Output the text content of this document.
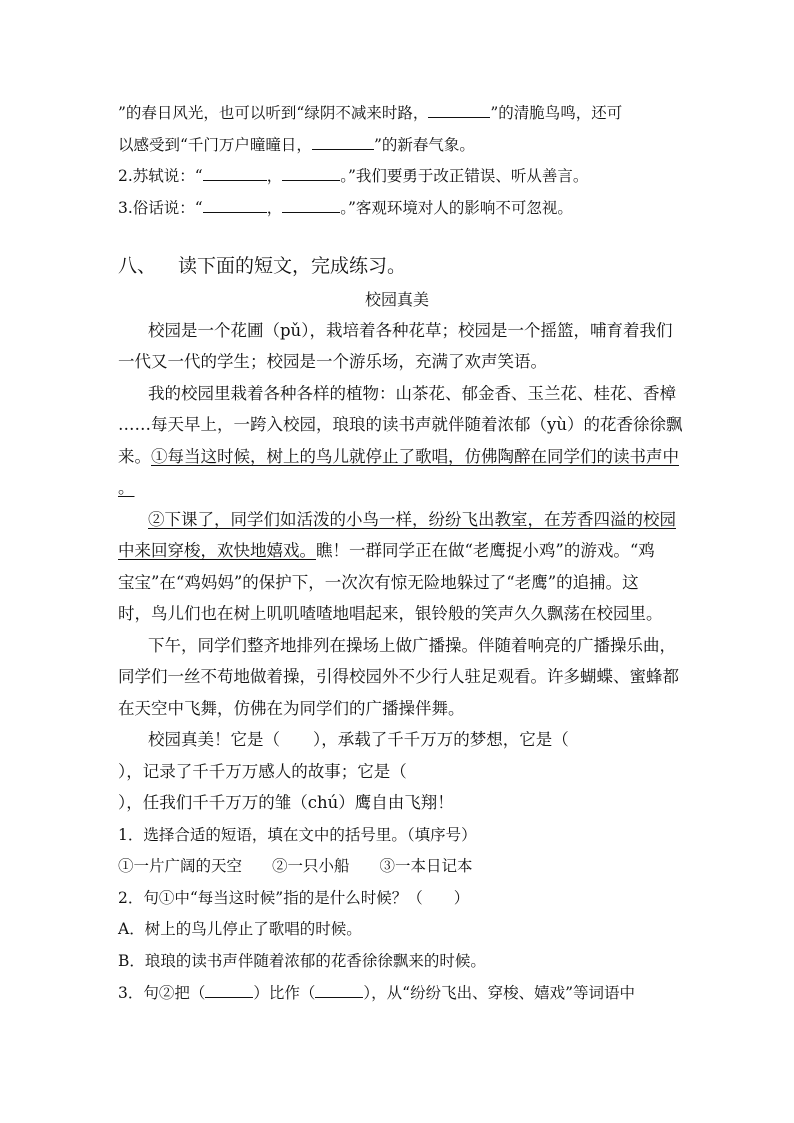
”的春日风光，也可以听到“绿阴不减来时路，	”的清脆鸟鸣，还可
以感受到“千门万户曈曈日，	”的新春气象。
2.苏轼说：“	，	。”我们要勇于改正错误、听从善言。
3.俗话说：“	，	。”客观环境对人的影响不可忽视。
八、 读下面的短文，完成练习。
校园真美
校园是一个花圃（pǔ），栽培着各种花草；校园是一个摇篮，哺育着我们
一代又一代的学生；校园是一个游乐场，充满了欢声笑语。
我的校园里栽着各种各样的植物：山茶花、郁金香、玉兰花、桂花、香樟
……每天早上，一跨入校园，琅琅的读书声就伴随着浓郁（yù）的花香徐徐飘
来。①每当这时候，树上的鸟儿就停止了歌唱，仿佛陶醉在同学们的读书声中
。
②下课了，同学们如活泼的小鸟一样，纷纷飞出教室，在芳香四溢的校园
中来回穿梭，欢快地嬉戏。瞧！一群同学正在做“老鹰捉小鸡”的游戏。“鸡
宝宝”在“鸡妈妈”的保护下，一次次有惊无险地躲过了“老鹰”的追捕。这
时，鸟儿们也在树上叽叽喳喳地唱起来，银铃般的笑声久久飘荡在校园里。
下午，同学们整齐地排列在操场上做广播操。伴随着响亮的广播操乐曲，
同学们一丝不苟地做着操，引得校园外不少行人驻足观看。许多蝴蝶、蜜蜂都
在天空中飞舞，仿佛在为同学们的广播操伴舞。
校园真美！它是（　　），承载了千千万万的梦想，它是（
），记录了千千万万感人的故事；它是（
），任我们千千万万的雏（chú）鹰自由飞翔！
1．选择合适的短语，填在文中的括号里。（填序号）
①一片广阔的天空 ②一只小船 ③一本日记本
2．句①中“每当这时候”指的是什么时候？（　　）
A．树上的鸟儿停止了歌唱的时候。
B．琅琅的读书声伴随着浓郁的花香徐徐飘来的时候。
3．句②把（	）比作（	），从“纷纷飞出、穿梭、嬉戏”等词语中
